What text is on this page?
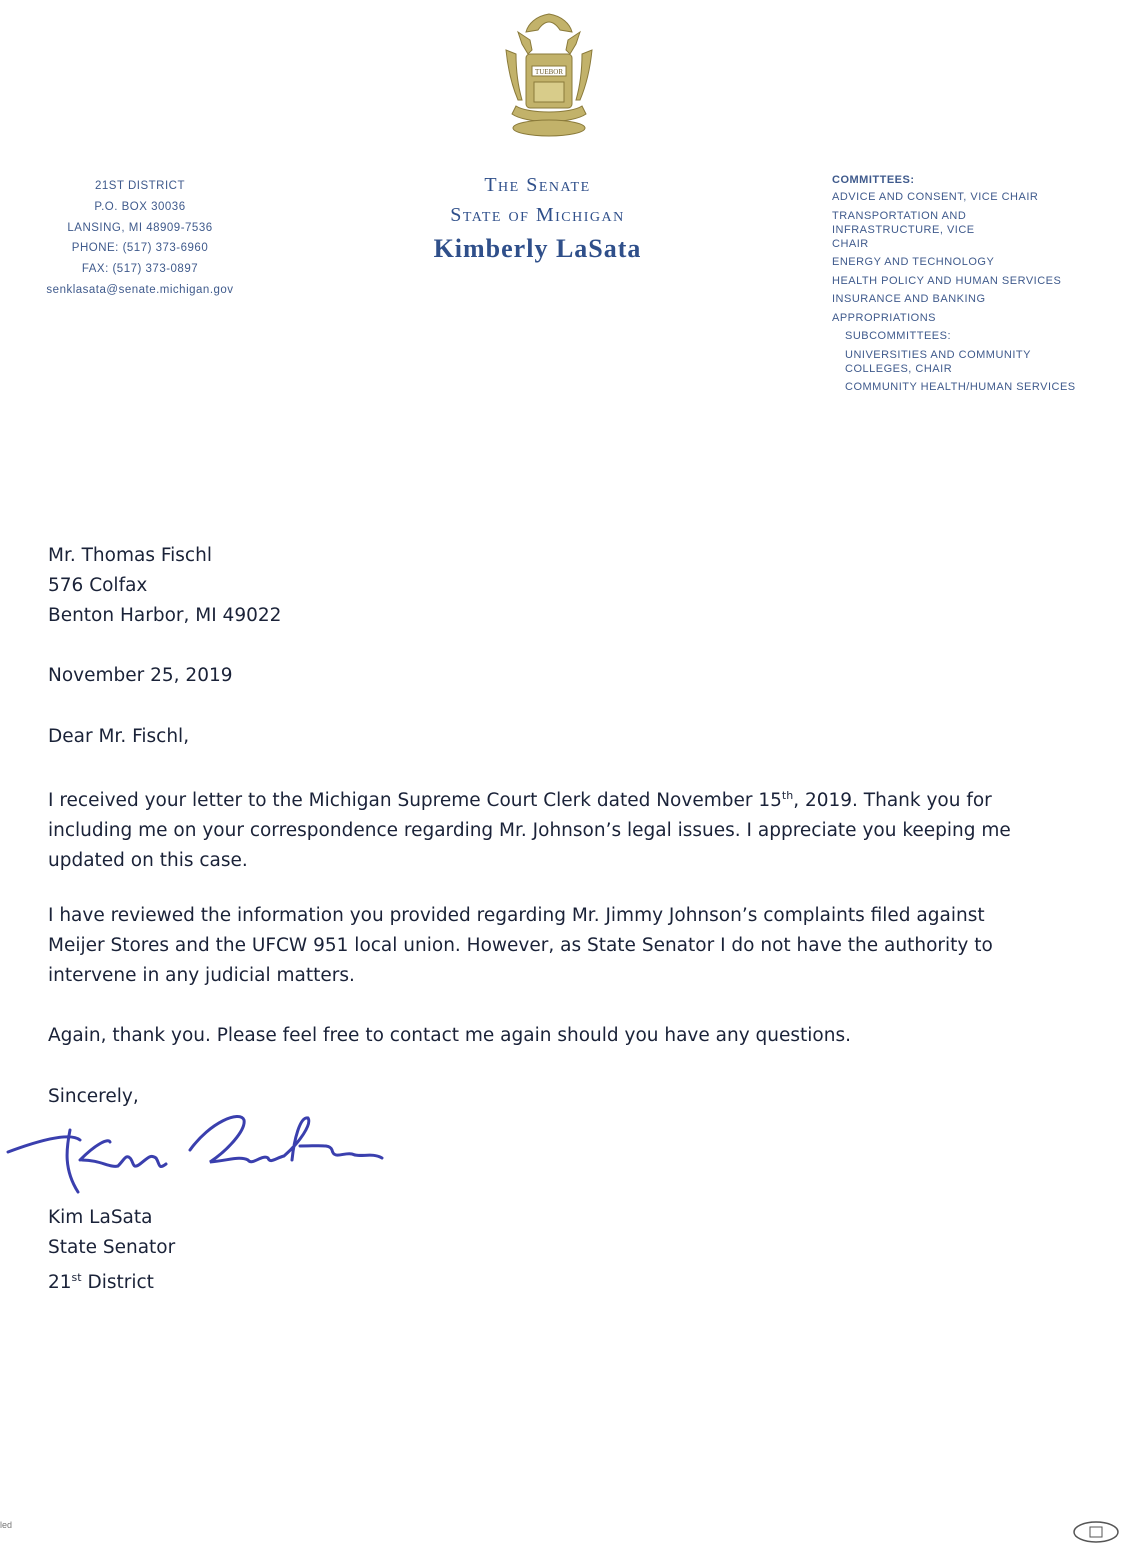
TUEBOR
21ST DISTRICT
P.O. BOX 30036
LANSING, MI 48909-7536
PHONE: (517) 373-6960
FAX: (517) 373-0897
senklasata@senate.michigan.gov
The Senate
State of Michigan
Kimberly LaSata
COMMITTEES:
ADVICE AND CONSENT, VICE CHAIR
TRANSPORTATION AND INFRASTRUCTURE, VICE CHAIR
ENERGY AND TECHNOLOGY
HEALTH POLICY AND HUMAN SERVICES
INSURANCE AND BANKING
APPROPRIATIONS
SUBCOMMITTEES:
UNIVERSITIES AND COMMUNITY COLLEGES, CHAIR
COMMUNITY HEALTH/HUMAN SERVICES
Mr. Thomas Fischl
576 Colfax
Benton Harbor, MI 49022
November 25, 2019
Dear Mr. Fischl,
I received your letter to the Michigan Supreme Court Clerk dated November 15th, 2019. Thank you for
including me on your correspondence regarding Mr. Johnson’s legal issues. I appreciate you keeping me
updated on this case.
I have reviewed the information you provided regarding Mr. Jimmy Johnson’s complaints filed against
Meijer Stores and the UFCW 951 local union. However, as State Senator I do not have the authority to
intervene in any judicial matters.
Again, thank you. Please feel free to contact me again should you have any questions.
Sincerely,
Kim LaSata
State Senator
21st District
led
